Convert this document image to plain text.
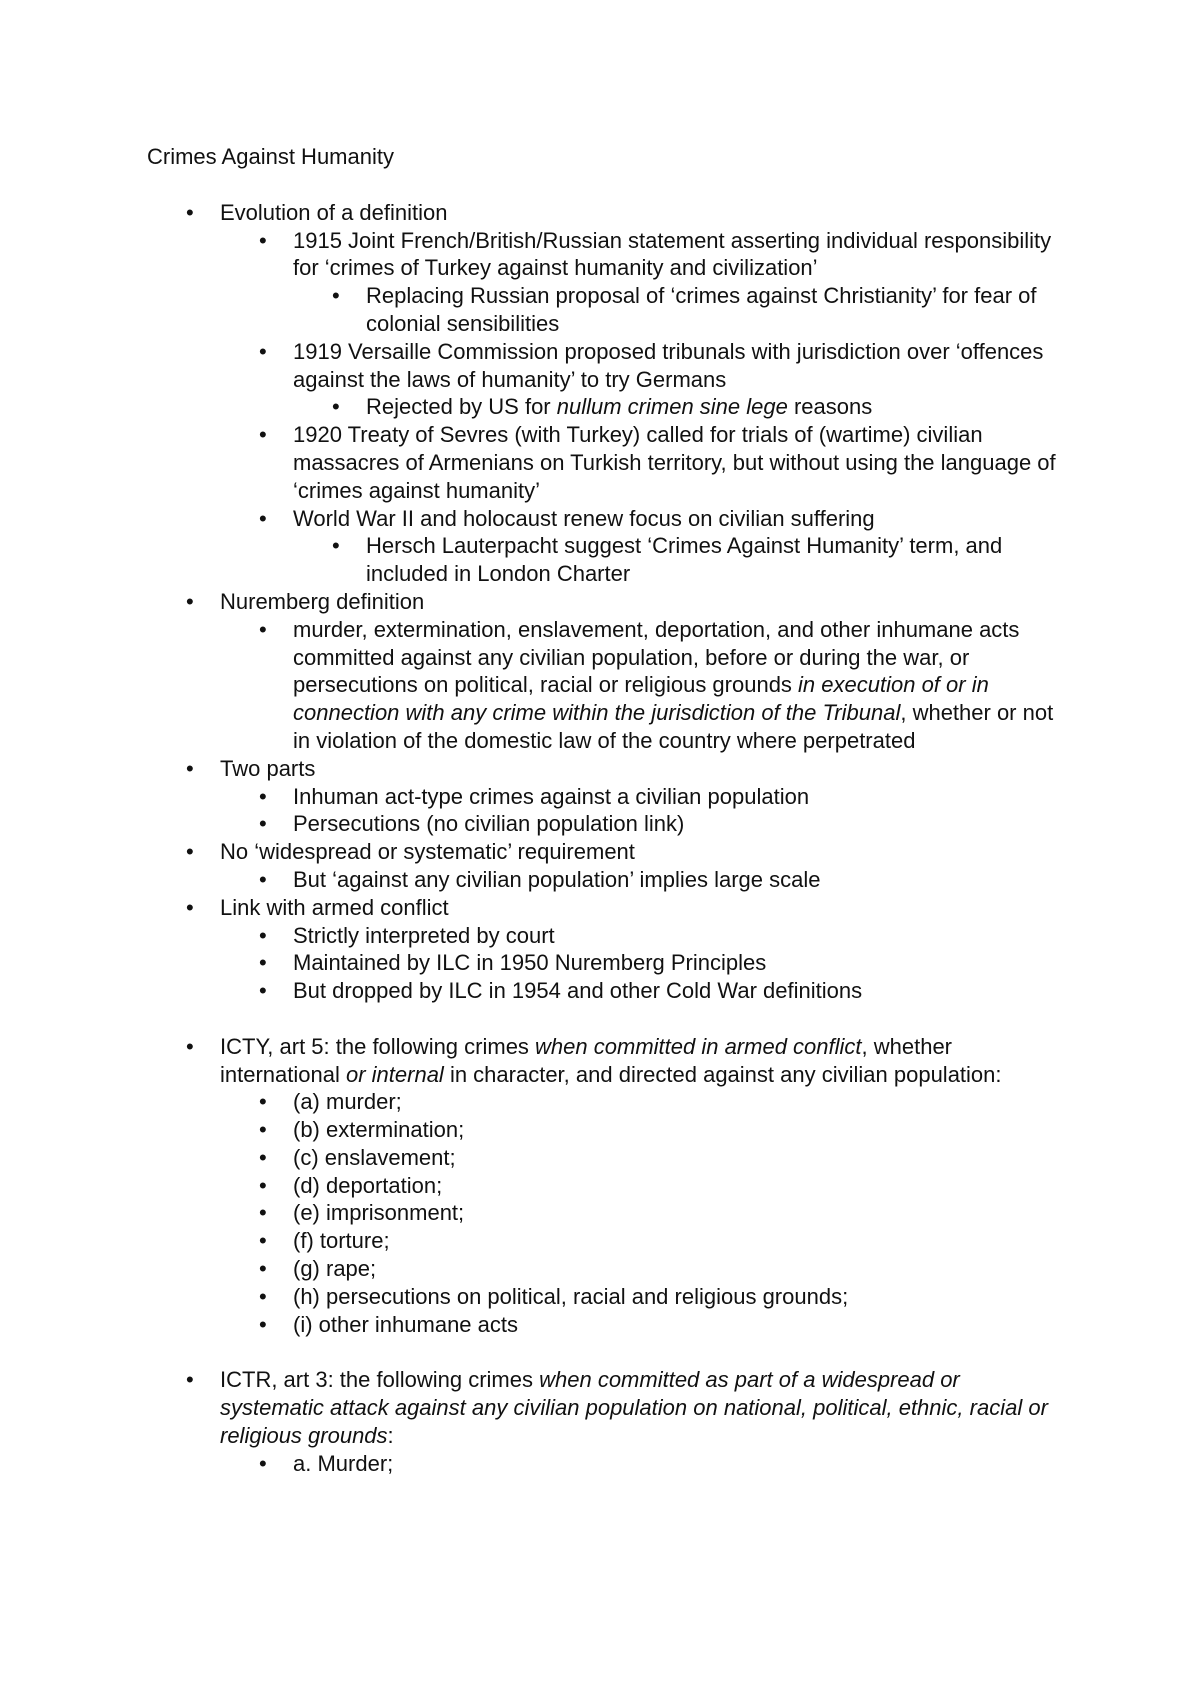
Crimes Against Humanity
•	Evolution of a definition
•	1915 Joint French/British/Russian statement asserting individual responsibility for ‘crimes of Turkey against humanity and civilization’
•	Replacing Russian proposal of ‘crimes against Christianity’ for fear of colonial sensibilities
•	1919 Versaille Commission proposed tribunals with jurisdiction over ‘offences against the laws of humanity’ to try Germans
•	Rejected by US for nullum crimen sine lege reasons
•	1920 Treaty of Sevres (with Turkey) called for trials of (wartime) civilian massacres of Armenians on Turkish territory, but without using the language of ‘crimes against humanity’
•	World War II and holocaust renew focus on civilian suffering
•	Hersch Lauterpacht suggest ‘Crimes Against Humanity’ term, and included in London Charter
•	Nuremberg definition
•	murder, extermination, enslavement, deportation, and other inhumane acts committed against any civilian population, before or during the war, or persecutions on political, racial or religious grounds in execution of or in connection with any crime within the jurisdiction of the Tribunal, whether or not in violation of the domestic law of the country where perpetrated
•	Two parts
•	Inhuman act-type crimes against a civilian population
•	Persecutions (no civilian population link)
•	No ‘widespread or systematic’ requirement
•	But ‘against any civilian population’ implies large scale
•	Link with armed conflict
•	Strictly interpreted by court
•	Maintained by ILC in 1950 Nuremberg Principles
•	But dropped by ILC in 1954 and other Cold War definitions
•	ICTY, art 5: the following crimes when committed in armed conflict, whether international or internal in character, and directed against any civilian population:
•	(a) murder;
•	(b) extermination;
•	(c) enslavement;
•	(d) deportation;
•	(e) imprisonment;
•	(f) torture;
•	(g) rape;
•	(h) persecutions on political, racial and religious grounds;
•	(i) other inhumane acts
•	ICTR, art 3: the following crimes when committed as part of a widespread or systematic attack against any civilian population on national, political, ethnic, racial or religious grounds:
•	a. Murder;
